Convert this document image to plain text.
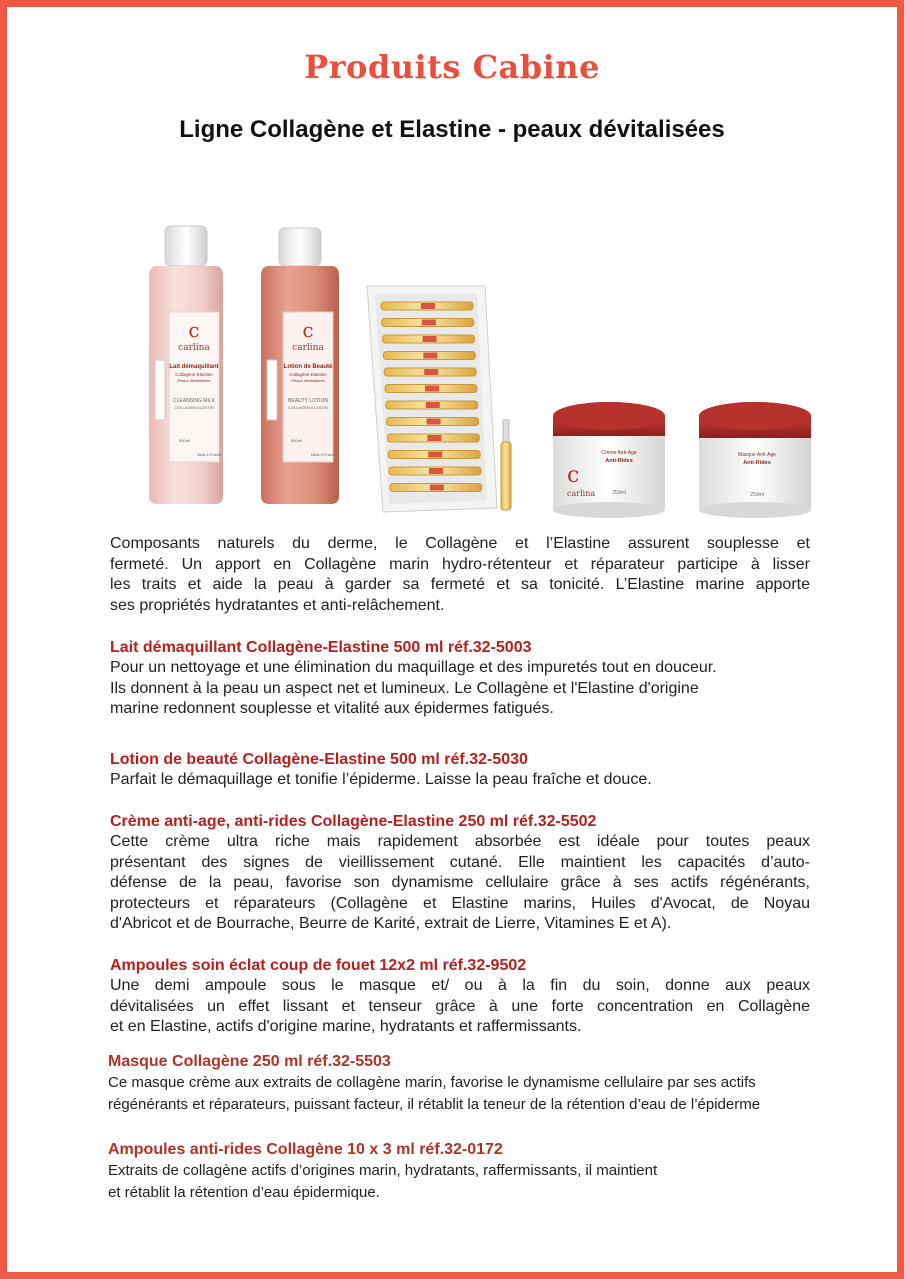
Produits Cabine
Ligne Collagène et Elastine - peaux dévitalisées
c
carlina
Lait démaquillant
Collagène Elastine
Peaux dévitalisées
CLEANSING MILK
COLLAGEN ELASTIN
500ml
Made in France
c
carlina
Lotion de Beauté
Collagène Elastine
Peaux dévitalisées
BEAUTY LOTION
COLLAGEN ELASTIN
500ml
Made in France
c
carlina
Crème Anti-Age
Anti-Rides
250ml
Masque Anti-Age
Anti-Rides
250ml

Composants naturels du derme, le Collagène et l’Elastine assurent souplesse et
fermeté. Un apport en Collagène marin hydro-rétenteur et réparateur participe à lisser
les traits et aide la peau à garder sa fermeté et sa tonicité. L’Elastine marine apporte
ses propriétés hydratantes et anti-relâchement.

Lait démaquillant Collagène-Elastine 500 ml réf.32-5003
Pour un nettoyage et une élimination du maquillage et des impuretés tout en douceur.
Ils donnent à la peau un aspect net et lumineux. Le Collagène et l'Elastine d'origine
marine redonnent souplesse et vitalité aux épidermes fatigués.
Lotion de beauté Collagène-Elastine 500 ml réf.32-5030
Parfait le démaquillage et tonifie l’épiderme. Laisse la peau fraîche et douce.
Crème anti-age, anti-rides Collagène-Elastine 250 ml réf.32-5502
Cette crème ultra riche mais rapidement absorbée est idéale pour toutes peaux
présentant des signes de vieillissement cutané. Elle maintient les capacités d’auto-
défense de la peau, favorise son dynamisme cellulaire grâce à ses actifs régénérants,
protecteurs et réparateurs (Collagène et Elastine marins, Huiles d'Avocat, de Noyau
d'Abricot et de Bourrache, Beurre de Karité, extrait de Lierre, Vitamines E et A).
Ampoules soin éclat coup de fouet 12x2 ml réf.32-9502
Une demi ampoule sous le masque et/ ou à la fin du soin, donne aux peaux
dévitalisées un effet lissant et tenseur grâce à une forte concentration en Collagène
et en Elastine, actifs d'origine marine, hydratants et raffermissants.
Masque Collagène 250 ml réf.32-5503
Ce masque crème aux extraits de collagène marin, favorise le dynamisme cellulaire par ses actifs
régénérants et réparateurs, puissant facteur, il rétablit la teneur de la rétention d’eau de l’épiderme
Ampoules anti-rides Collagène 10 x 3 ml réf.32-0172
Extraits de collagène actifs d’origines marin, hydratants, raffermissants, il maintient
et rétablit la rétention d’eau épidermique.
